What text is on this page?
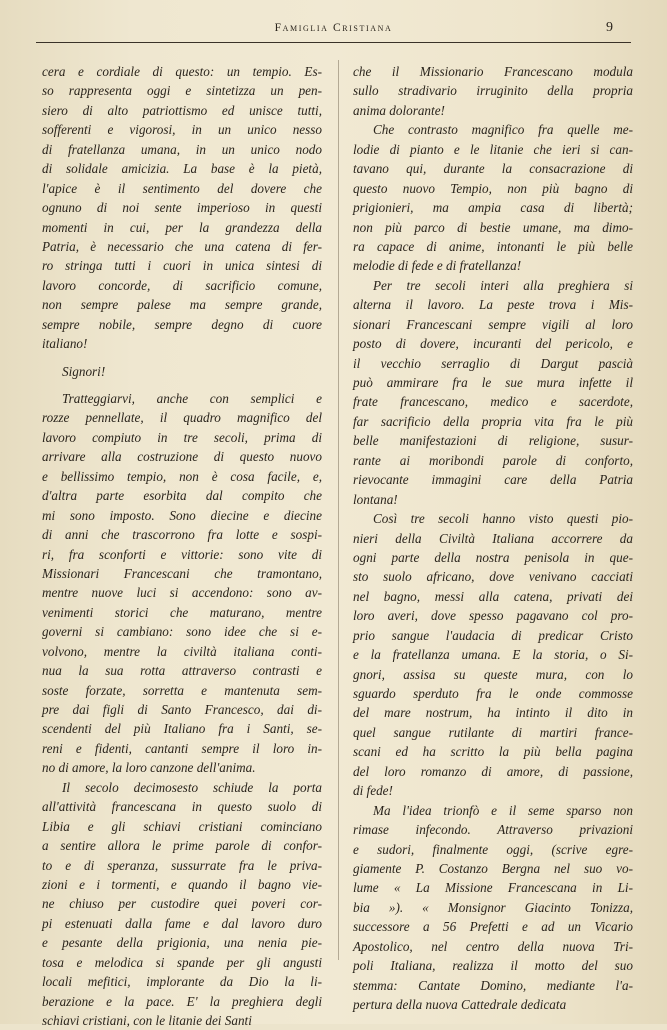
Famiglia Cristiana	9
cera e cordiale di questo: un tempio. Es-
so rappresenta oggi e sintetizza un pen-
siero di alto patriottismo ed unisce tutti,
sofferenti e vigorosi, in un unico nesso
di fratellanza umana, in un unico nodo
di solidale amicizia. La base è la pietà,
l'apice è il sentimento del dovere che
ognuno di noi sente imperioso in questi
momenti in cui, per la grandezza della
Patria, è necessario che una catena di fer-
ro stringa tutti i cuori in unica sintesi di
lavoro concorde, di sacrificio comune,
non sempre palese ma sempre grande,
sempre nobile, sempre degno di cuore
italiano!
Signori!
Tratteggiarvi, anche con semplici e
rozze pennellate, il quadro magnifico del
lavoro compiuto in tre secoli, prima di
arrivare alla costruzione di questo nuovo
e bellissimo tempio, non è cosa facile, e,
d'altra parte esorbita dal compito che
mi sono imposto. Sono diecine e diecine
di anni che trascorrono fra lotte e sospi-
ri, fra sconforti e vittorie: sono vite di
Missionari Francescani che tramontano,
mentre nuove luci si accendono: sono av-
venimenti storici che maturano, mentre
governi si cambiano: sono idee che si e-
volvono, mentre la civiltà italiana conti-
nua la sua rotta attraverso contrasti e
soste forzate, sorretta e mantenuta sem-
pre dai figli di Santo Francesco, dai di-
scendenti del più Italiano fra i Santi, se-
reni e fidenti, cantanti sempre il loro in-
no di amore, la loro canzone dell'anima.
Il secolo decimosesto schiude la porta
all'attività francescana in questo suolo di
Libia e gli schiavi cristiani cominciano
a sentire allora le prime parole di confor-
to e di speranza, sussurrate fra le priva-
zioni e i tormenti, e quando il bagno vie-
ne chiuso per custodire quei poveri cor-
pi estenuati dalla fame e dal lavoro duro
e pesante della prigionia, una nenia pie-
tosa e melodica si spande per gli angusti
locali mefitici, implorante da Dio la li-
berazione e la pace. E' la preghiera degli
schiavi cristiani, con le litanie dei Santi
che il Missionario Francescano modula
sullo stradivario irruginito della propria
anima dolorante!
Che contrasto magnifico fra quelle me-
lodie di pianto e le litanie che ieri si can-
tavano qui, durante la consacrazione di
questo nuovo Tempio, non più bagno di
prigionieri, ma ampia casa di libertà;
non più parco di bestie umane, ma dimo-
ra capace di anime, intonanti le più belle
melodie di fede e di fratellanza!
Per tre secoli interi alla preghiera si
alterna il lavoro. La peste trova i Mis-
sionari Francescani sempre vigili al loro
posto di dovere, incuranti del pericolo, e
il vecchio serraglio di Dargut pascià
può ammirare fra le sue mura infette il
frate francescano, medico e sacerdote,
far sacrificio della propria vita fra le più
belle manifestazioni di religione, susur-
rante ai moribondi parole di conforto,
rievocante immagini care della Patria
lontana!
Così tre secoli hanno visto questi pio-
nieri della Civiltà Italiana accorrere da
ogni parte della nostra penisola in que-
sto suolo africano, dove venivano cacciati
nel bagno, messi alla catena, privati dei
loro averi, dove spesso pagavano col pro-
prio sangue l'audacia di predicar Cristo
e la fratellanza umana. E la storia, o Si-
gnori, assisa su queste mura, con lo
sguardo sperduto fra le onde commosse
del mare nostrum, ha intinto il dito in
quel sangue rutilante di martiri france-
scani ed ha scritto la più bella pagina
del loro romanzo di amore, di passione,
di fede!
Ma l'idea trionfò e il seme sparso non
rimase infecondo. Attraverso privazioni
e sudori, finalmente oggi, (scrive egre-
giamente P. Costanzo Bergna nel suo vo-
lume « La Missione Francescana in Li-
bia »). « Monsignor Giacinto Tonizza,
successore a 56 Prefetti e ad un Vicario
Apostolico, nel centro della nuova Tri-
poli Italiana, realizza il motto del suo
stemma: Cantate Domino, mediante l'a-
pertura della nuova Cattedrale dedicata
